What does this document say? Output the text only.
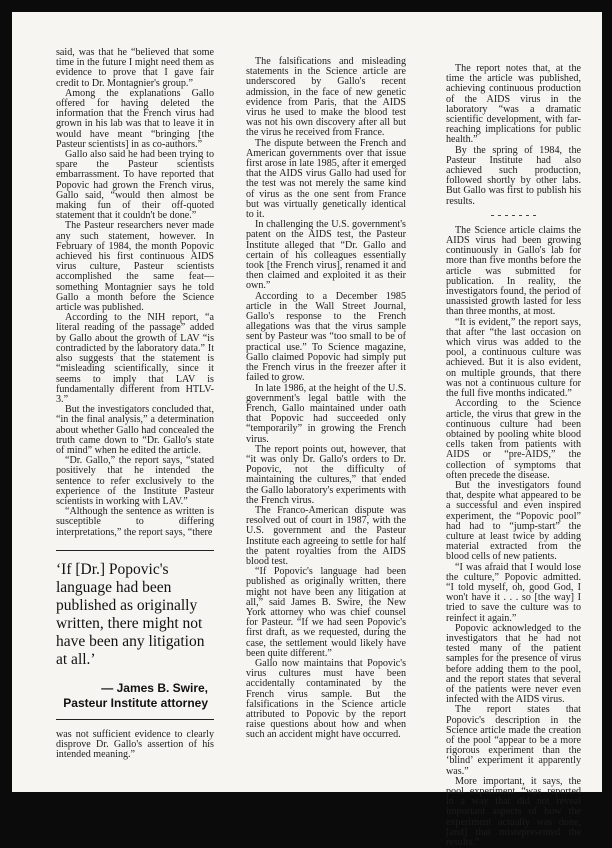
said, was that he “believed that some time in the future I might need them as evidence to prove that I gave fair credit to Dr. Montagnier's group.”

Among the explanations Gallo offered for having deleted the information that the French virus had grown in his lab was that to leave it in would have meant “bringing [the Pasteur scientists] in as co-authors.”

Gallo also said he had been trying to spare the Pasteur scientists embarrassment. To have reported that Popovic had grown the French virus, Gallo said, “would then almost be making fun of their off-quoted statement that it couldn't be done.”

The Pasteur researchers never made any such statement, however. In February of 1984, the month Popovic achieved his first continuous AIDS virus culture, Pasteur scientists accomplished the same feat—something Montagnier says he told Gallo a month before the Science article was published.

According to the NIH report, “a literal reading of the passage” added by Gallo about the growth of LAV “is contradicted by the laboratory data.” It also suggests that the statement is “misleading scientifically, since it seems to imply that LAV is fundamentally different from HTLV-3.”

But the investigators concluded that, “in the final analysis,” a determination about whether Gallo had concealed the truth came down to “Dr. Gallo's state of mind” when he edited the article.

“Dr. Gallo,” the report says, “stated positively that he intended the sentence to refer exclusively to the experience of the Institute Pasteur scientists in working with LAV.”

“Although the sentence as written is susceptible to differing interpretations,” the report says, “there

‘If [Dr.] Popovic's language had been published as originally written, there might not have been any litigation at all.’
— James B. Swire,
Pasteur Institute attorney

was not sufficient evidence to clearly disprove Dr. Gallo's assertion of his intended meaning.”

The falsifications and misleading statements in the Science article are underscored by Gallo's recent admission, in the face of new genetic evidence from Paris, that the AIDS virus he used to make the blood test was not his own discovery after all but the virus he received from France.

The dispute between the French and American governments over that issue first arose in late 1985, after it emerged that the AIDS virus Gallo had used for the test was not merely the same kind of virus as the one sent from France but was virtually genetically identical to it.

In challenging the U.S. government's patent on the AIDS test, the Pasteur Institute alleged that “Dr. Gallo and certain of his colleagues essentially took [the French virus], renamed it and then claimed and exploited it as their own.”

According to a December 1985 article in the Wall Street Journal, Gallo's response to the French allegations was that the virus sample sent by Pasteur was “too small to be of practical use.” To Science magazine, Gallo claimed Popovic had simply put the French virus in the freezer after it failed to grow.

In late 1986, at the height of the U.S. government's legal battle with the French, Gallo maintained under oath that Popovic had succeeded only “temporarily” in growing the French virus.

The report points out, however, that “it was only Dr. Gallo's orders to Dr. Popovic, not the difficulty of maintaining the cultures,” that ended the Gallo laboratory's experiments with the French virus.

The Franco-American dispute was resolved out of court in 1987, with the U.S. government and the Pasteur Institute each agreeing to settle for half the patent royalties from the AIDS blood test.

“If Popovic's language had been published as originally written, there might not have been any litigation at all,” said James B. Swire, the New York attorney who was chief counsel for Pasteur. “If we had seen Popovic's first draft, as we requested, during the case, the settlement would likely have been quite different.”

Gallo now maintains that Popovic's virus cultures must have been accidentally contaminated by the French virus sample. But the falsifications in the Science article attributed to Popovic by the report raise questions about how and when such an accident might have occurred.

The report notes that, at the time the article was published, achieving continuous production of the AIDS virus in the laboratory “was a dramatic scientific development, with far-reaching implications for public health.”

By the spring of 1984, the Pasteur Institute had also achieved such production, followed shortly by other labs. But Gallo was first to publish his results.

The Science article claims the AIDS virus had been growing continuously in Gallo's lab for more than five months before the article was submitted for publication. In reality, the investigators found, the period of unassisted growth lasted for less than three months, at most.

“It is evident,” the report says, that after “the last occasion on which virus was added to the pool, a continuous culture was achieved. But it is also evident, on multiple grounds, that there was not a continuous culture for the full five months indicated.”

According to the Science article, the virus that grew in the continuous culture had been obtained by pooling white blood cells taken from patients with AIDS or “pre-AIDS,” the collection of symptoms that often precede the disease.

But the investigators found that, despite what appeared to be a successful and even inspired experiment, the “Popovic pool” had had to “jump-start” the culture at least twice by adding material extracted from the blood cells of new patients.

“I was afraid that I would lose the culture,” Popovic admitted. “I told myself, oh, good God, I won't have it . . . so [the way] I tried to save the culture was to reinfect it again.”

Popovic acknowledged to the investigators that he had not tested many of the patient samples for the presence of virus before adding them to the pool, and the report states that several of the patients were never even infected with the AIDS virus.

The report states that Popovic's description in the Science article made the creation of the pool “appear to be a more rigorous experiment than the ‘blind’ experiment it apparently was.”

More important, it says, the pool experiment “was reported in a way that did not reveal important aspects of how the experiment actually was done, [and] that misrepresented the results.”
